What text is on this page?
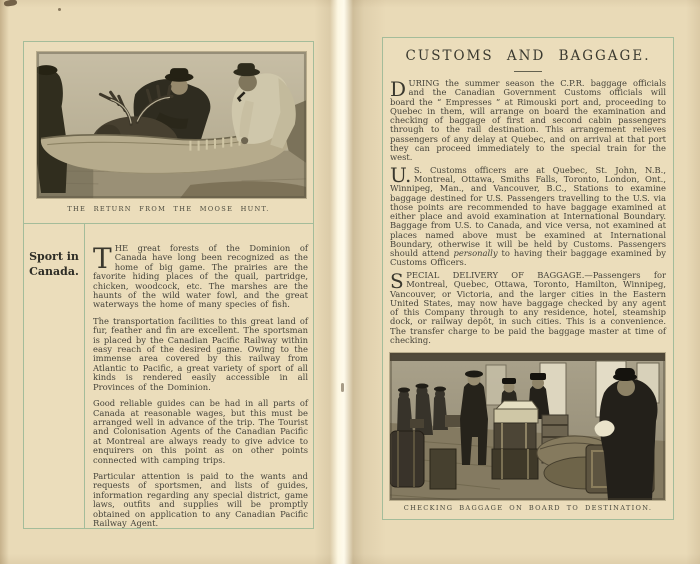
THE RETURN FROM THE MOOSE HUNT.
Sport in
Canada. THE great forests of the Dominion of Canada have long been recognized as the home of big game. The prairies are the favorite hiding places of the quail, partridge, chicken, woodcock, etc. The marshes are the haunts of the wild water fowl, and the great waterways the home of many species of fish.

The transportation facilities to this great land of fur, feather and fin are excellent. The sportsman is placed by the Canadian Pacific Railway within easy reach of the desired game. Owing to the immense area covered by this railway from Atlantic to Pacific, a great variety of sport of all kinds is rendered easily accessible in all Provinces of the Dominion.

Good reliable guides can be had in all parts of Canada at reasonable wages, but this must be arranged well in advance of the trip. The Tourist and Colonisation Agents of the Canadian Pacific at Montreal are always ready to give advice to enquirers on this point as on other points connected with camping trips.

Particular attention is paid to the wants and requests of sportsmen, and lists of guides, information regarding any special district, game laws, outfits and supplies will be promptly obtained on application to any Canadian Pacific Railway Agent.

CUSTOMS AND BAGGAGE.

DURING the summer season the C.P.R. baggage officials and the Canadian Government Customs officials will board the “ Empresses ” at Rimouski port and, proceeding to Quebec in them, will arrange on board the examination and checking of baggage of first and second cabin passengers through to the rail destination. This arrangement relieves passengers of any delay at Quebec, and on arrival at that port they can proceed immediately to the special train for the west.

U. S. Customs officers are at Quebec, St. John, N.B., Montreal, Ottawa, Smiths Falls, Toronto, London, Ont., Winnipeg, Man., and Vancouver, B.C., Stations to examine baggage destined for U.S. Passengers travelling to the U.S. via those points are recommended to have baggage examined at either place and avoid examination at International Boundary. Baggage from U.S. to Canada, and vice versa, not examined at places named above must be examined at International Boundary, otherwise it will be held by Customs. Passengers should attend personally to having their baggage examined by Customs Officers.

SPECIAL DELIVERY OF BAGGAGE.—Passengers for Montreal, Quebec, Ottawa, Toronto, Hamilton, Winnipeg, Vancouver, or Victoria, and the larger cities in the Eastern United States, may now have baggage checked by any agent of this Company through to any residence, hotel, steamship dock, or railway depôt, in such cities. This is a convenience. The transfer charge to be paid the baggage master at time of checking.

CHECKING BAGGAGE ON BOARD TO DESTINATION.
